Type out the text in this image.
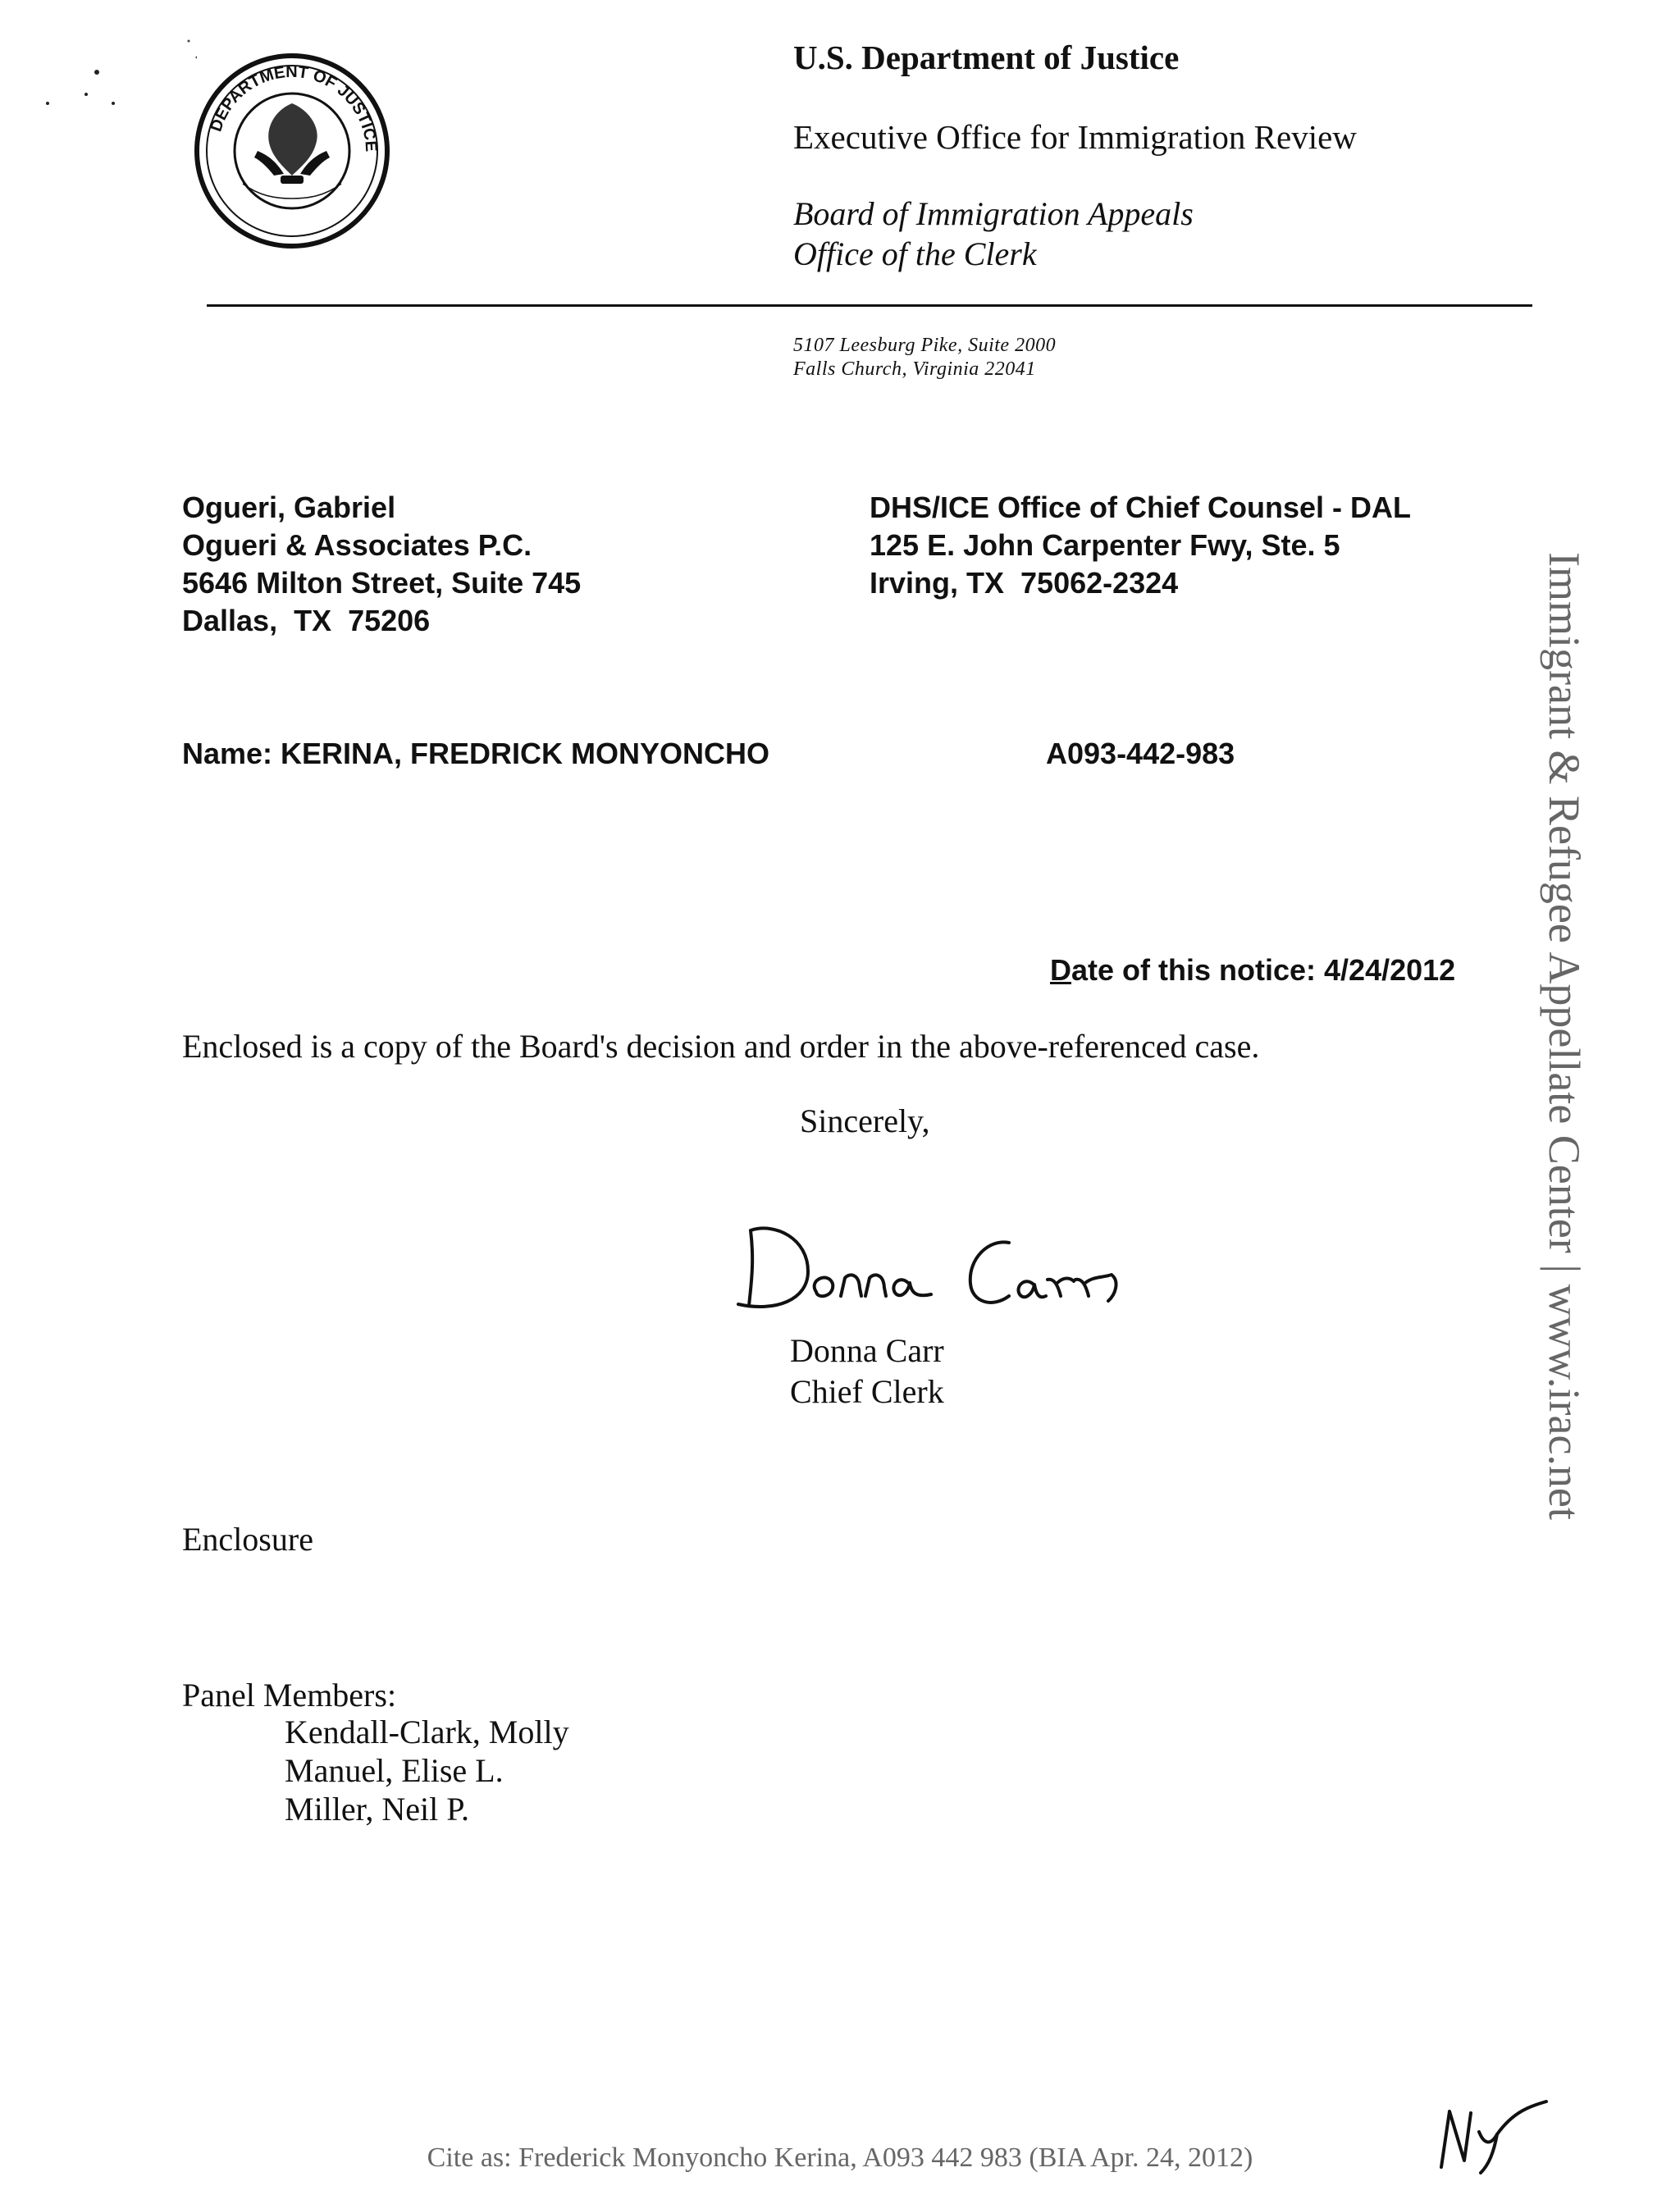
DEPARTMENT OF JUSTICE
U.S. Department of Justice
Executive Office for Immigration Review
Board of Immigration Appeals
Office of the Clerk
5107 Leesburg Pike, Suite 2000
Falls Church, Virginia 22041
Ogueri, Gabriel
Ogueri & Associates P.C.
5646 Milton Street, Suite 745
Dallas,  TX  75206
DHS/ICE Office of Chief Counsel - DAL
125 E. John Carpenter Fwy, Ste. 5
Irving, TX  75062-2324
Name: KERINA, FREDRICK MONYONCHO	A093-442-983
Date of this notice: 4/24/2012
Enclosed is a copy of the Board's decision and order in the above-referenced case.
Sincerely,
Donna Carr
Chief Clerk
Enclosure
Panel Members:
Kendall-Clark, Molly
Manuel, Elise L.
Miller, Neil P.
Cite as: Frederick Monyoncho Kerina, A093 442 983 (BIA Apr. 24, 2012)
Immigrant & Refugee Appellate Center | www.irac.net
